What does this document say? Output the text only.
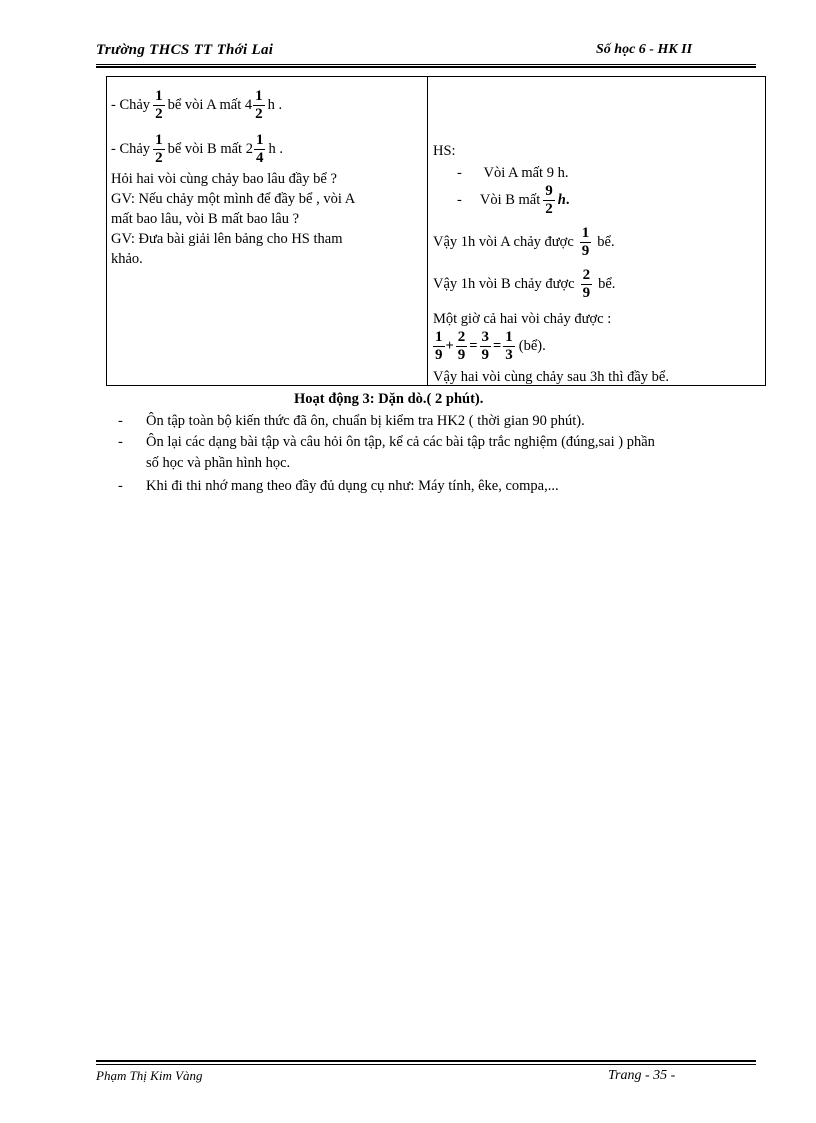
Trường THCS TT Thới Lai	Số học 6 - HK II
- Chảy $\frac{1}{2}$ bể vòi A mất $4 \frac{1}{2}$ h .
- Chảy $\frac{1}{2}$ bể vòi B mất $2 \frac{1}{4}$ h .
Hỏi hai vòi cùng chảy bao lâu đầy bể ?
GV: Nếu chảy một mình để đầy bể , vòi A
mất bao lâu, vòi B mất bao lâu ?
GV: Đưa bài giải lên bảng cho HS tham
khảo.
HS:
- Vòi A mất 9 h.
- Vòi B mất $\frac{9}{2}$ h .
Vậy 1h vòi A chảy được $\frac{1}{9}$ bể.
Vậy 1h vòi B chảy được $\frac{2}{9}$ bể.
Một giờ cả hai vòi chảy được :
$\frac{1}{9} + \frac{2}{9} = \frac{3}{9} = \frac{1}{3}$ (bể).
Vậy hai vòi cùng chảy sau 3h thì đầy bể.
Hoạt động 3: Dặn dò.( 2 phút).
- Ôn tập toàn bộ kiến thức đã ôn, chuẩn bị kiểm tra HK2 ( thời gian 90 phút).
- Ôn lại các dạng bài tập và câu hỏi ôn tập, kể cả các bài tập trắc nghiệm (đúng,sai ) phần
số học và phần hình học.
- Khi đi thi nhớ mang theo đầy đủ dụng cụ như: Máy tính, êke, compa,...
Phạm Thị Kim Vàng	Trang - 35 -
